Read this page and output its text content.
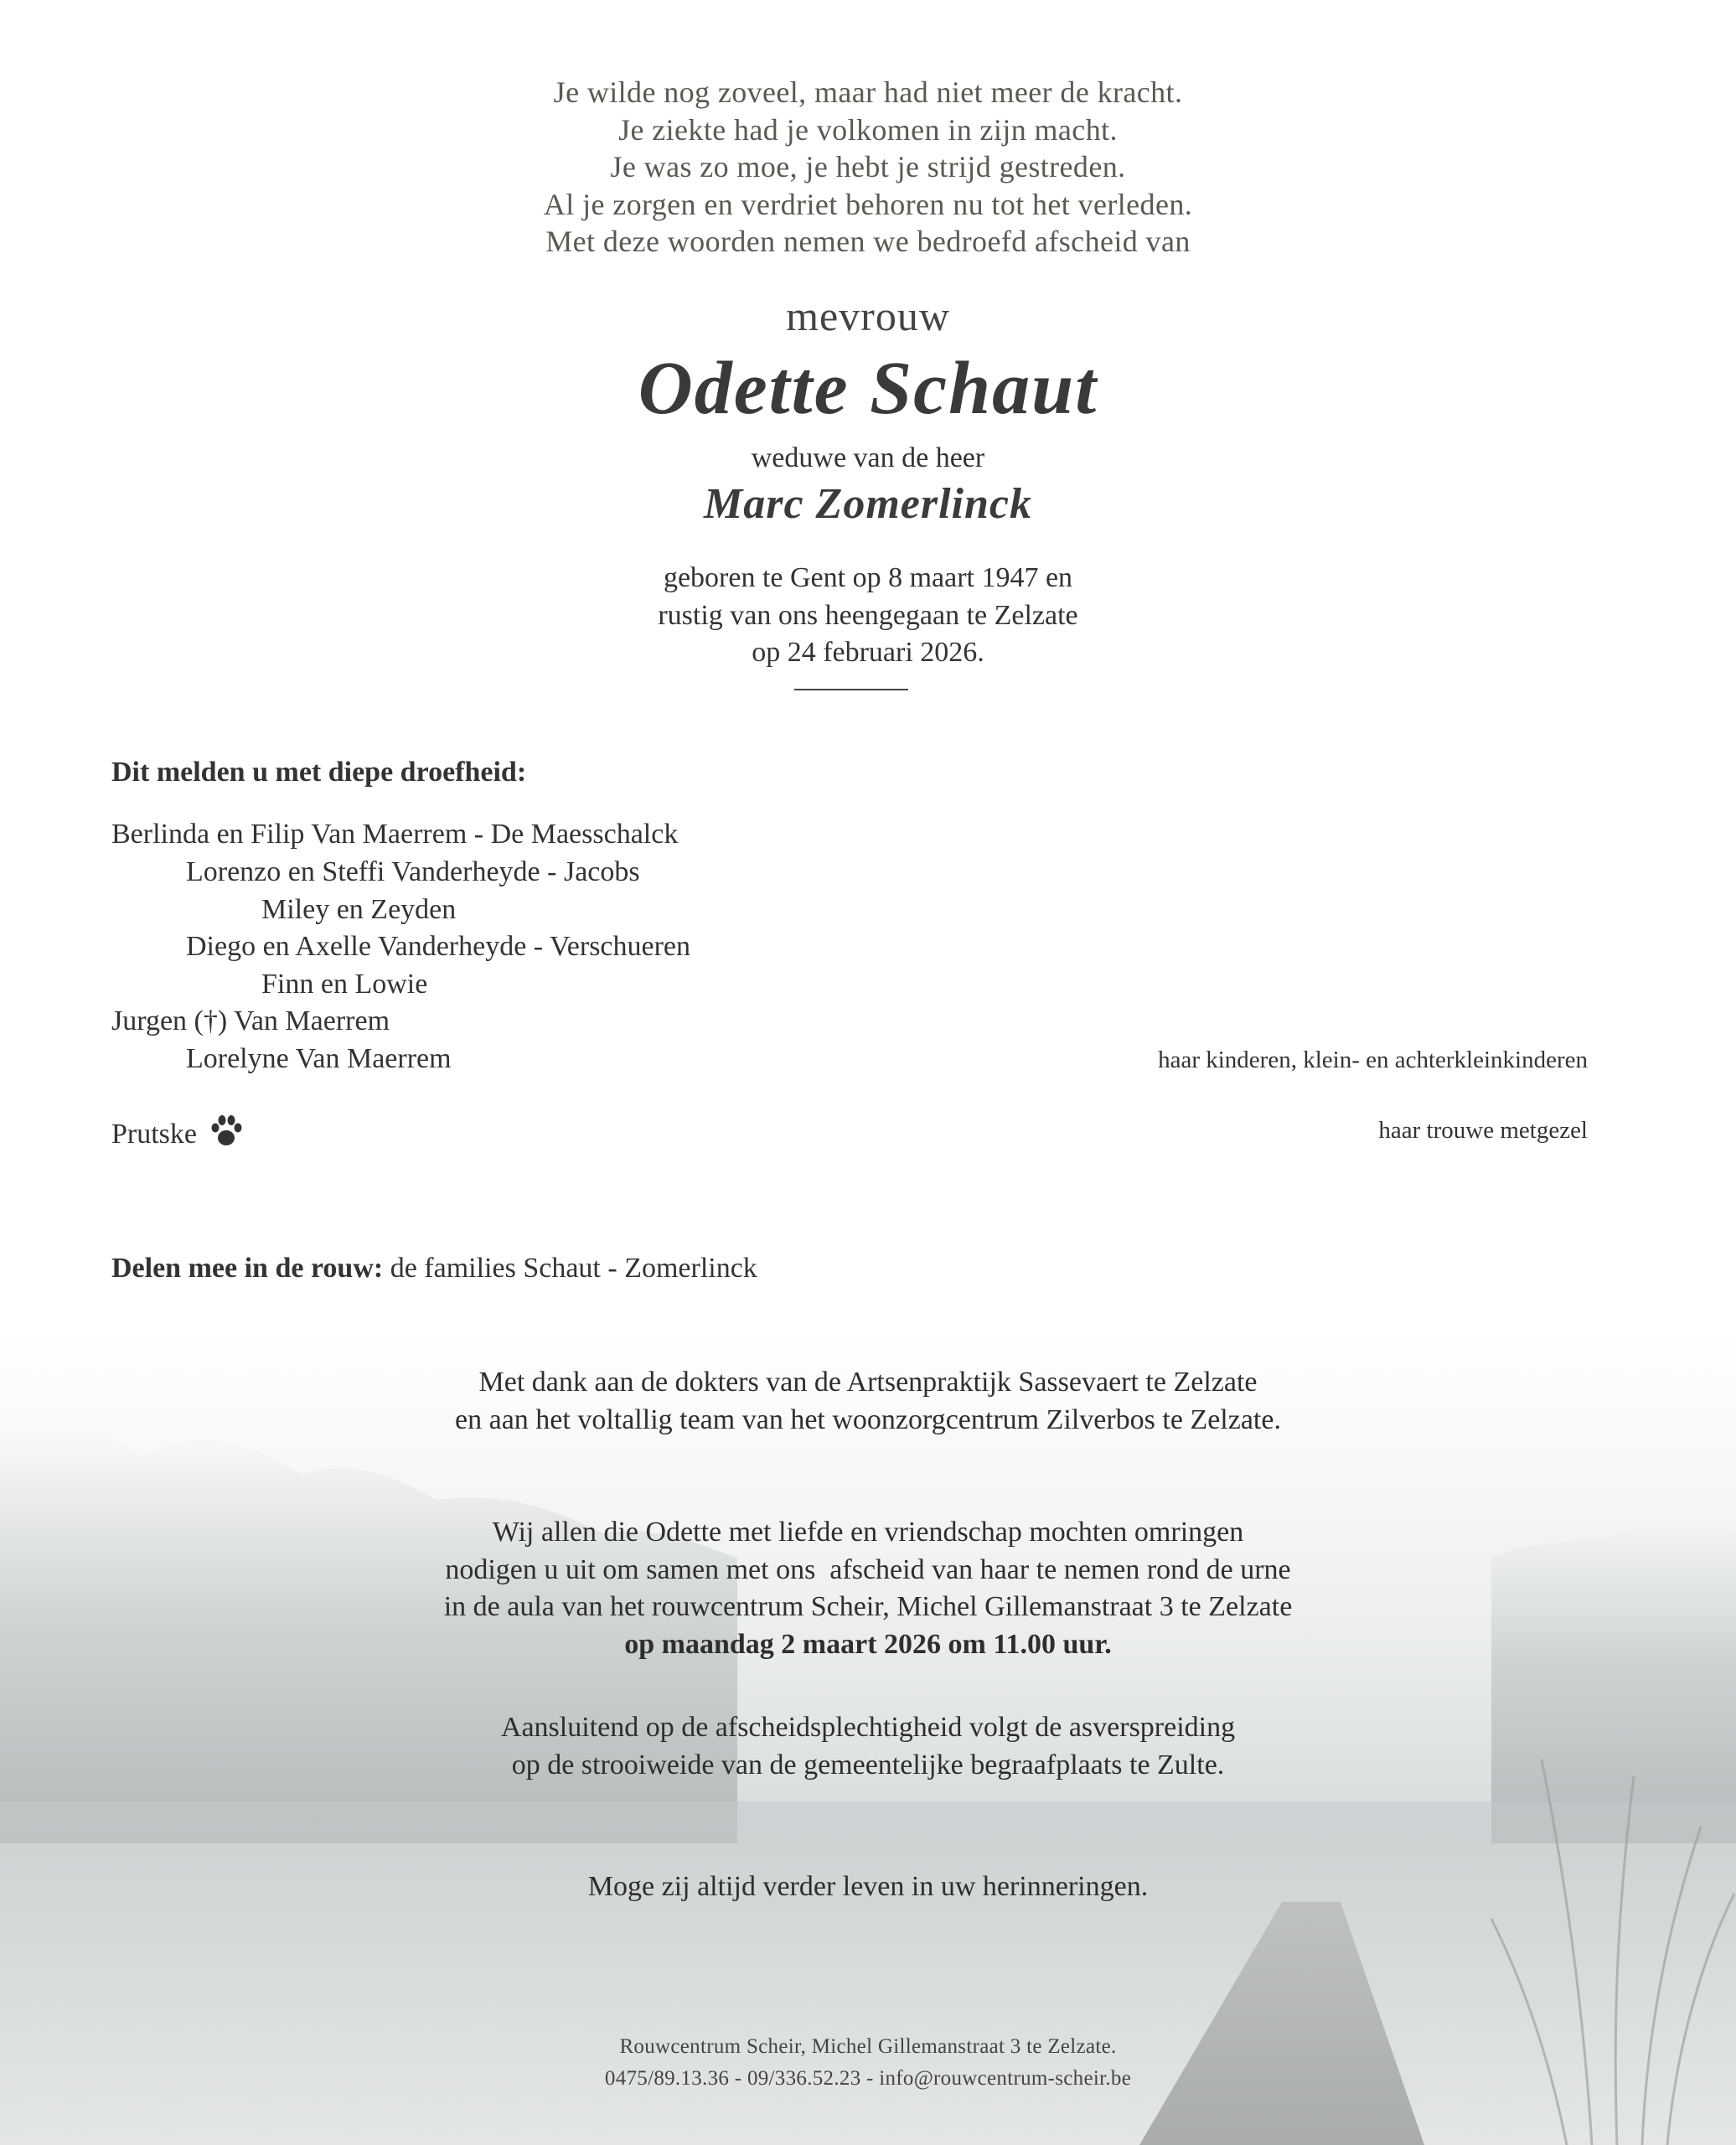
Je wilde nog zoveel, maar had niet meer de kracht.
Je ziekte had je volkomen in zijn macht.
Je was zo moe, je hebt je strijd gestreden.
Al je zorgen en verdriet behoren nu tot het verleden.
Met deze woorden nemen we bedroefd afscheid van
mevrouw
Odette Schaut
weduwe van de heer
Marc Zomerlinck
geboren te Gent op 8 maart 1947 en
rustig van ons heengegaan te Zelzate
op 24 februari 2026.
Dit melden u met diepe droefheid:
Berlinda en Filip Van Maerrem - De Maesschalck
Lorenzo en Steffi Vanderheyde - Jacobs
Miley en Zeyden
Diego en Axelle Vanderheyde - Verschueren
Finn en Lowie
Jurgen (†) Van Maerrem
Lorelyne Van Maerrem	haar kinderen, klein- en achterkleinkinderen
Prutske	haar trouwe metgezel
Delen mee in de rouw: de families Schaut - Zomerlinck
Met dank aan de dokters van de Artsenpraktijk Sassevaert te Zelzate
en aan het voltallig team van het woonzorgcentrum Zilverbos te Zelzate.
Wij allen die Odette met liefde en vriendschap mochten omringen
nodigen u uit om samen met ons  afscheid van haar te nemen rond de urne
in de aula van het rouwcentrum Scheir, Michel Gillemanstraat 3 te Zelzate
op maandag 2 maart 2026 om 11.00 uur.
Aansluitend op de afscheidsplechtigheid volgt de asverspreiding
op de strooiweide van de gemeentelijke begraafplaats te Zulte.
Moge zij altijd verder leven in uw herinneringen.
Rouwcentrum Scheir, Michel Gillemanstraat 3 te Zelzate.
0475/89.13.36 - 09/336.52.23 - info@rouwcentrum-scheir.be
